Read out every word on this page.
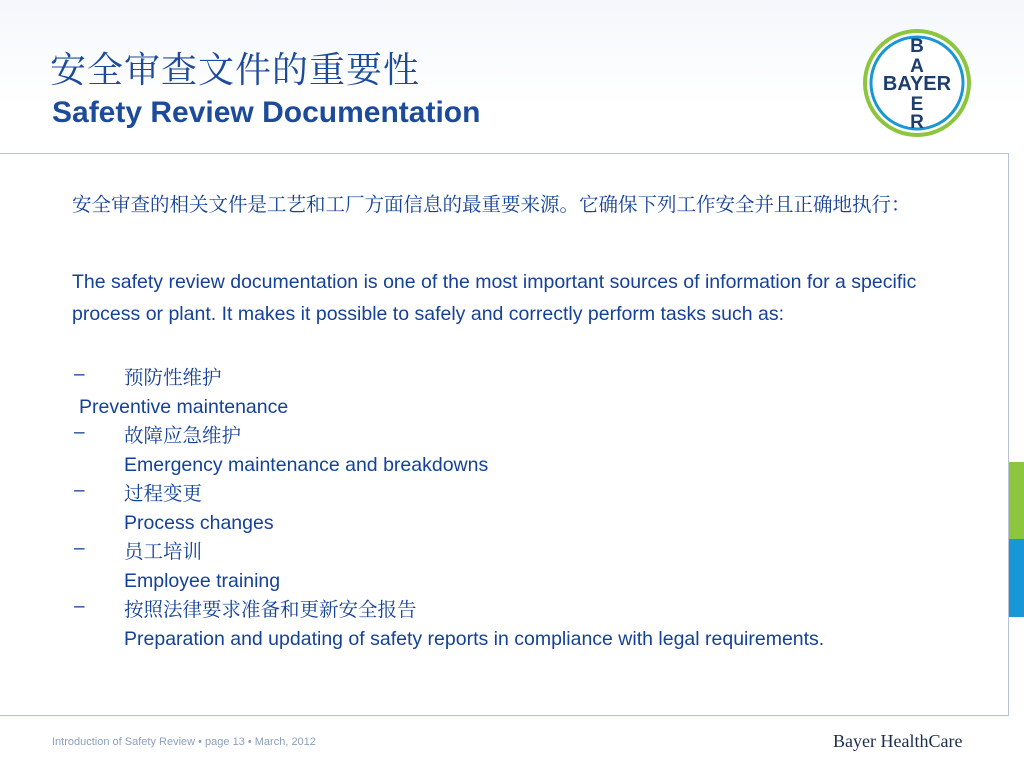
安全审查文件的重要性
Safety Review Documentation
B
A
BAYER
E
R

安全审查的相关文件是工艺和工厂方面信息的最重要来源。它确保下列工作安全并且正确地执行：

The safety review documentation is one of the most important sources of information for a specific process or plant. It makes it possible to safely and correctly perform tasks such as:

– 预防性维护
Preventive maintenance
– 故障应急维护
Emergency maintenance and breakdowns
– 过程变更
Process changes
– 员工培训
Employee training
– 按照法律要求准备和更新安全报告
Preparation and updating of safety reports in compliance with legal requirements.
Introduction of Safety Review • page 13 • March, 2012	Bayer HealthCare
